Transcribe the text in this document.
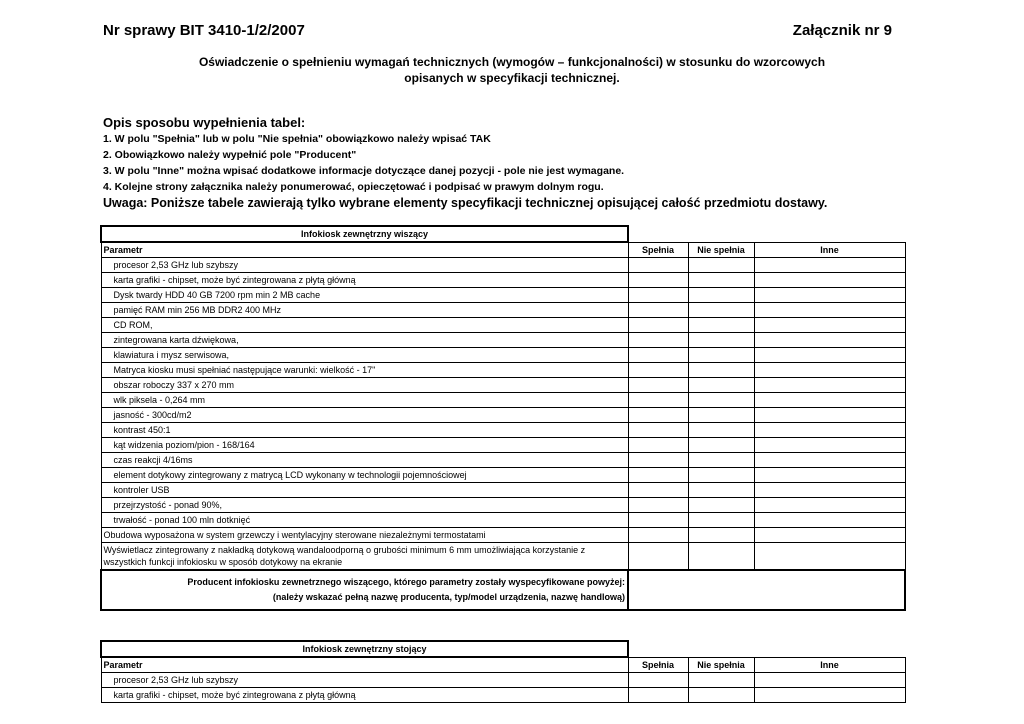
Nr sprawy BIT 3410-1/2/2007	Załącznik nr 9
Oświadczenie o spełnieniu wymagań technicznych (wymogów – funkcjonalności) w stosunku do wzorcowych
opisanych w specyfikacji technicznej.
Opis sposobu wypełnienia tabel:
1. W polu "Spełnia" lub w polu "Nie spełnia" obowiązkowo należy wpisać TAK
2. Obowiązkowo należy wypełnić pole "Producent"
3. W polu "Inne" można wpisać dodatkowe informacje dotyczące danej pozycji - pole nie jest wymagane.
4. Kolejne strony załącznika należy ponumerować, opieczętować i podpisać w prawym dolnym rogu.
Uwaga: Poniższe tabele zawierają tylko wybrane elementy specyfikacji technicznej opisującej całość przedmiotu dostawy.
Infokiosk zewnętrzny wiszący			
Parametr	Spełnia	Nie spełnia	Inne
procesor 2,53 GHz lub szybszy			
karta grafiki - chipset, może być zintegrowana z płytą główną			
Dysk twardy HDD 40 GB 7200 rpm min 2 MB cache			
pamięć RAM min 256 MB DDR2 400 MHz			
CD ROM,			
zintegrowana karta dźwiękowa,			
klawiatura i mysz serwisowa,			
Matryca kiosku musi spełniać następujące warunki: wielkość - 17"			
obszar roboczy 337 x 270 mm			
wlk piksela - 0,264 mm			
jasność - 300cd/m2			
kontrast 450:1			
kąt widzenia poziom/pion - 168/164			
czas reakcji 4/16ms			
element dotykowy zintegrowany z matrycą LCD wykonany w technologii pojemnościowej			
kontroler USB			
przejrzystość - ponad 90%,			
trwałość - ponad 100 mln dotknięć			
Obudowa wyposażona w system grzewczy i wentylacyjny sterowane niezależnymi termostatami			
Wyświetlacz zintegrowany z nakładką dotykową wandaloodporną o grubości minimum 6 mm umożliwiająca korzystanie z wszystkich funkcji infokiosku w sposób dotykowy na ekranie			
Producent infokiosku zewnetrznego wiszącego, którego parametry zostały wyspecyfikowane powyżej:
(należy wskazać pełną nazwę producenta, typ/model urządzenia, nazwę handlową)			
Infokiosk zewnętrzny stojący			
Parametr	Spełnia	Nie spełnia	Inne
procesor 2,53 GHz lub szybszy			
karta grafiki - chipset, może być zintegrowana z płytą główną			
